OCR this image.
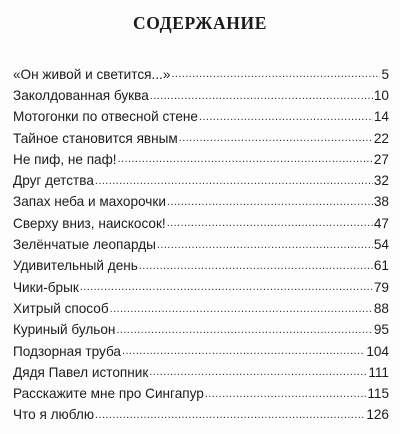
СОДЕРЖАНИЕ
«Он живой и светится...» .....	5
Заколдованная буква .....	10
Мотогонки по отвесной стене .....	14
Тайное становится явным .....	22
Не пиф, не паф! .....	27
Друг детства .....	32
Запах неба и махорочки .....	38
Сверху вниз, наискосок! .....	47
Зелёнчатые леопарды .....	54
Удивительный день .....	61
Чики-брык .....	79
Хитрый способ .....	88
Куриный бульон .....	95
Подзорная труба .....	104
Дядя Павел истопник .....	111
Расскажите мне про Сингапур .....	115
Что я люблю .....	126
